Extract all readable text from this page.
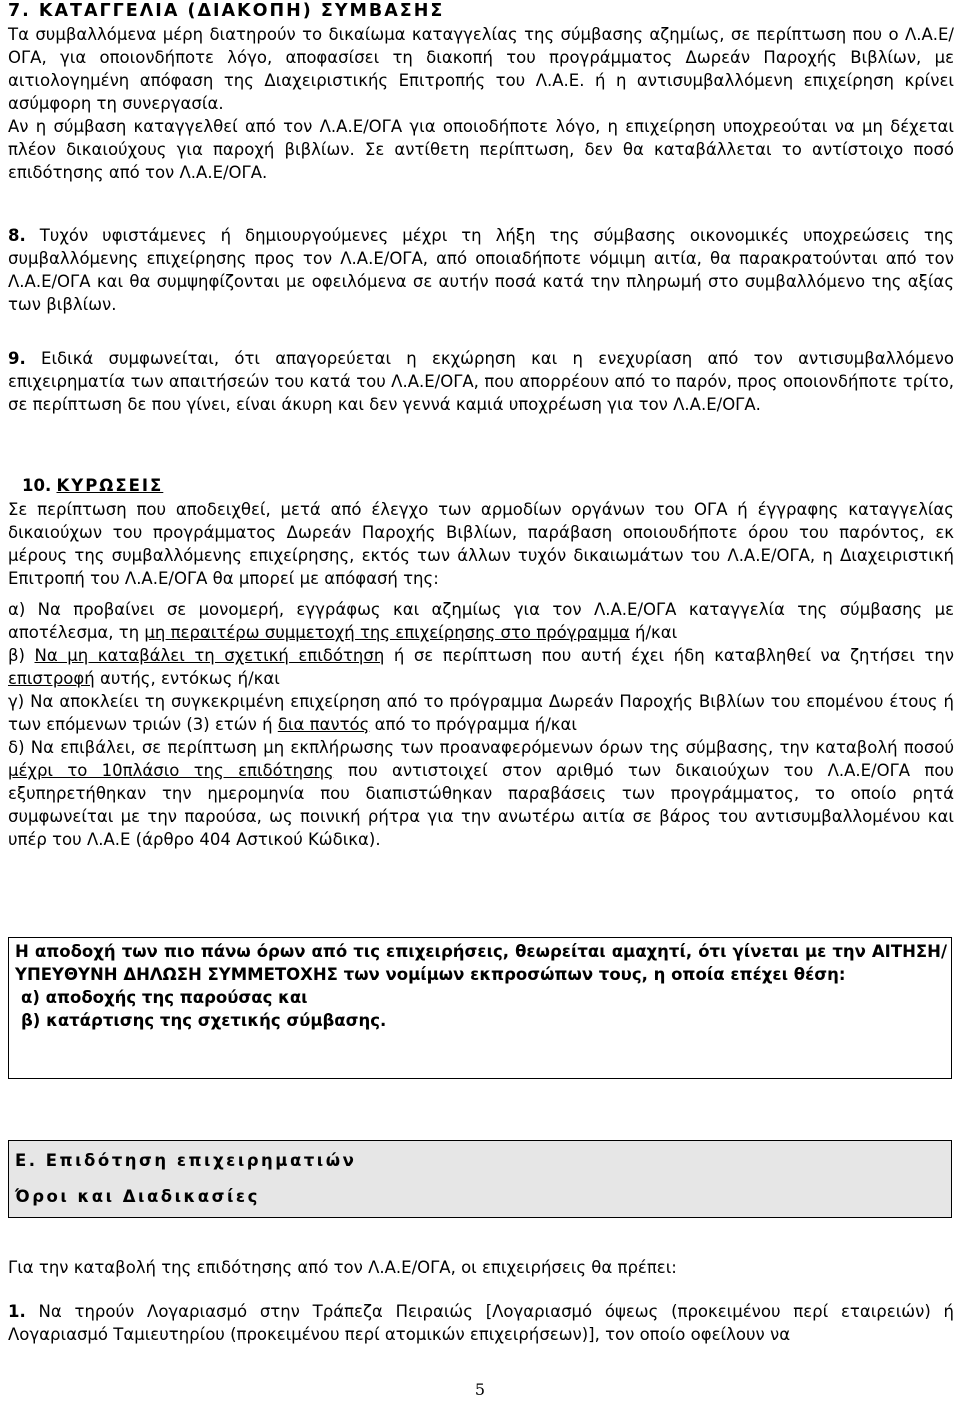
7. ΚΑΤΑΓΓΕΛΙΑ (ΔΙΑΚΟΠΗ) ΣΥΜΒΑΣΗΣ

Τα συμβαλλόμενα μέρη διατηρούν το δικαίωμα καταγγελίας της σύμβασης αζημίως, σε περίπτωση που ο Λ.Α.Ε/ΟΓΑ, για οποιονδήποτε λόγο, αποφασίσει τη διακοπή του προγράμματος Δωρεάν Παροχής Βιβλίων, με αιτιολογημένη απόφαση της Διαχειριστικής Επιτροπής του Λ.Α.Ε. ή η αντισυμβαλλόμενη επιχείρηση κρίνει ασύμφορη τη συνεργασία.

Αν η σύμβαση καταγγελθεί από τον Λ.Α.Ε/ΟΓΑ για οποιοδήποτε λόγο, η επιχείρηση υποχρεούται να μη δέχεται πλέον δικαιούχους για παροχή βιβλίων. Σε αντίθετη περίπτωση, δεν θα καταβάλλεται το αντίστοιχο ποσό επιδότησης από τον Λ.Α.Ε/ΟΓΑ.

8. Τυχόν υφιστάμενες ή δημιουργούμενες μέχρι τη λήξη της σύμβασης οικονομικές υποχρεώσεις της συμβαλλόμενης επιχείρησης προς τον Λ.Α.Ε/ΟΓΑ, από οποιαδήποτε νόμιμη αιτία, θα παρακρατούνται από τον Λ.Α.Ε/ΟΓΑ και θα συμψηφίζονται με οφειλόμενα σε αυτήν ποσά κατά την πληρωμή στο συμβαλλόμενο της αξίας των βιβλίων.

9. Ειδικά συμφωνείται, ότι απαγορεύεται η εκχώρηση και η ενεχυρίαση από τον αντισυμβαλλόμενο επιχειρηματία των απαιτήσεών του κατά του Λ.Α.Ε/ΟΓΑ, που απορρέουν από το παρόν, προς οποιονδήποτε τρίτο, σε περίπτωση δε που γίνει, είναι άκυρη και δεν γεννά καμιά υποχρέωση για τον Λ.Α.Ε/ΟΓΑ.

10. ΚΥΡΩΣΕΙΣ

Σε περίπτωση που αποδειχθεί, μετά από έλεγχο των αρμοδίων οργάνων του ΟΓΑ ή έγγραφης καταγγελίας δικαιούχων του προγράμματος Δωρεάν Παροχής Βιβλίων, παράβαση οποιουδήποτε όρου του παρόντος, εκ μέρους της συμβαλλόμενης επιχείρησης, εκτός των άλλων τυχόν δικαιωμάτων του Λ.Α.Ε/ΟΓΑ, η Διαχειριστική Επιτροπή του Λ.Α.Ε/ΟΓΑ θα μπορεί με απόφασή της:

α) Να προβαίνει σε μονομερή, εγγράφως και αζημίως για τον Λ.Α.Ε/ΟΓΑ καταγγελία της σύμβασης με αποτέλεσμα, τη μη περαιτέρω συμμετοχή της επιχείρησης στο πρόγραμμα ή/και

β) Να μη καταβάλει τη σχετική επιδότηση ή σε περίπτωση που αυτή έχει ήδη καταβληθεί να ζητήσει την επιστροφή αυτής, εντόκως ή/και

γ) Να αποκλείει τη συγκεκριμένη επιχείρηση από το πρόγραμμα Δωρεάν Παροχής Βιβλίων του επομένου έτους ή των επόμενων τριών (3) ετών ή δια παντός από το πρόγραμμα ή/και

δ) Να επιβάλει, σε περίπτωση μη εκπλήρωσης των προαναφερόμενων όρων της σύμβασης, την καταβολή ποσού μέχρι το 10πλάσιο της επιδότησης που αντιστοιχεί στον αριθμό των δικαιούχων του Λ.Α.Ε/ΟΓΑ που εξυπηρετήθηκαν την ημερομηνία που διαπιστώθηκαν παραβάσεις των προγράμματος, το οποίο ρητά συμφωνείται με την παρούσα, ως ποινική ρήτρα για την ανωτέρω αιτία σε βάρος του αντισυμβαλλομένου και υπέρ του Λ.Α.Ε (άρθρο 404 Αστικού Κώδικα).

Η αποδοχή των πιο πάνω όρων από τις επιχειρήσεις, θεωρείται αμαχητί, ότι γίνεται με την ΑΙΤΗΣΗ/ΥΠΕΥΘΥΝΗ ΔΗΛΩΣΗ ΣΥΜΜΕΤΟΧΗΣ των νομίμων εκπροσώπων τους, η οποία επέχει θέση:

α) αποδοχής της παρούσας και

β) κατάρτισης της σχετικής σύμβασης.

Ε. Επιδότηση επιχειρηματιών

Όροι και Διαδικασίες

Για την καταβολή της επιδότησης από τον Λ.Α.Ε/ΟΓΑ, οι επιχειρήσεις θα πρέπει:

1. Να τηρούν Λογαριασμό στην Τράπεζα Πειραιώς [Λογαριασμό όψεως (προκειμένου περί εταιρειών) ή Λογαριασμό Ταμιευτηρίου (προκειμένου περί ατομικών επιχειρήσεων)], τον οποίο οφείλουν να

5
